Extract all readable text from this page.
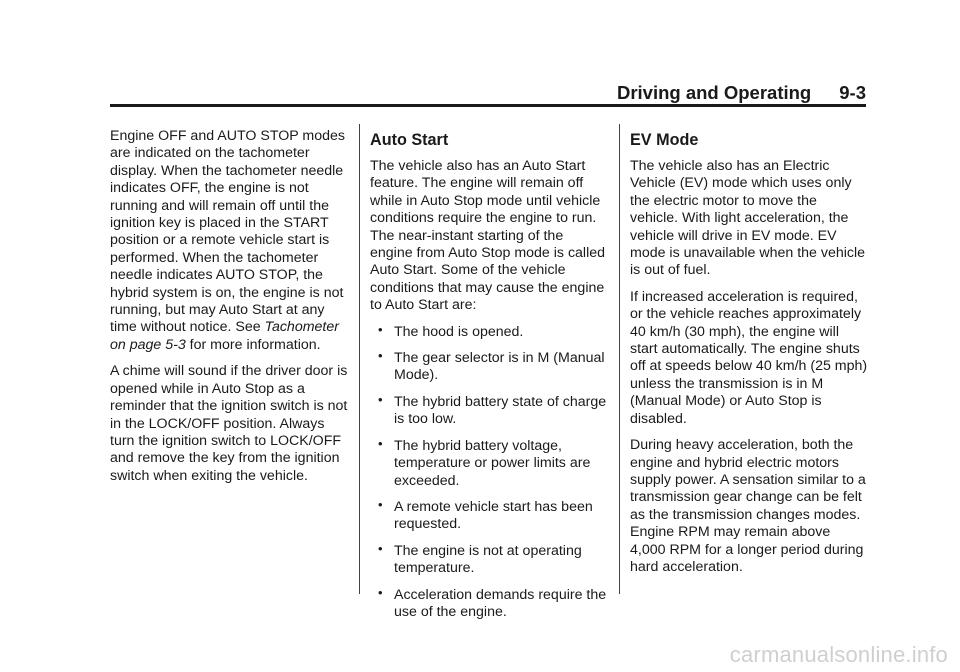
Driving and Operating 9-3

Engine OFF and AUTO STOP modes are indicated on the tachometer display. When the tachometer needle indicates OFF, the engine is not running and will remain off until the ignition key is placed in the START position or a remote vehicle start is performed. When the tachometer needle indicates AUTO STOP, the hybrid system is on, the engine is not running, but may Auto Start at any time without notice. See Tachometer on page 5-3 for more information.

A chime will sound if the driver door is opened while in Auto Stop as a reminder that the ignition switch is not in the LOCK/OFF position. Always turn the ignition switch to LOCK/OFF and remove the key from the ignition switch when exiting the vehicle.

Auto Start

The vehicle also has an Auto Start feature. The engine will remain off while in Auto Stop mode until vehicle conditions require the engine to run. The near-instant starting of the engine from Auto Stop mode is called Auto Start. Some of the vehicle conditions that may cause the engine to Auto Start are:

• The hood is opened.
• The gear selector is in M (Manual Mode).
• The hybrid battery state of charge is too low.
• The hybrid battery voltage, temperature or power limits are exceeded.
• A remote vehicle start has been requested.
• The engine is not at operating temperature.
• Acceleration demands require the use of the engine.
EV Mode

The vehicle also has an Electric Vehicle (EV) mode which uses only the electric motor to move the vehicle. With light acceleration, the vehicle will drive in EV mode. EV mode is unavailable when the vehicle is out of fuel.

If increased acceleration is required, or the vehicle reaches approximately 40 km/h (30 mph), the engine will start automatically. The engine shuts off at speeds below 40 km/h (25 mph) unless the transmission is in M (Manual Mode) or Auto Stop is disabled.

During heavy acceleration, both the engine and hybrid electric motors supply power. A sensation similar to a transmission gear change can be felt as the transmission changes modes. Engine RPM may remain above 4,000 RPM for a longer period during hard acceleration.

carmanualsonline.info
